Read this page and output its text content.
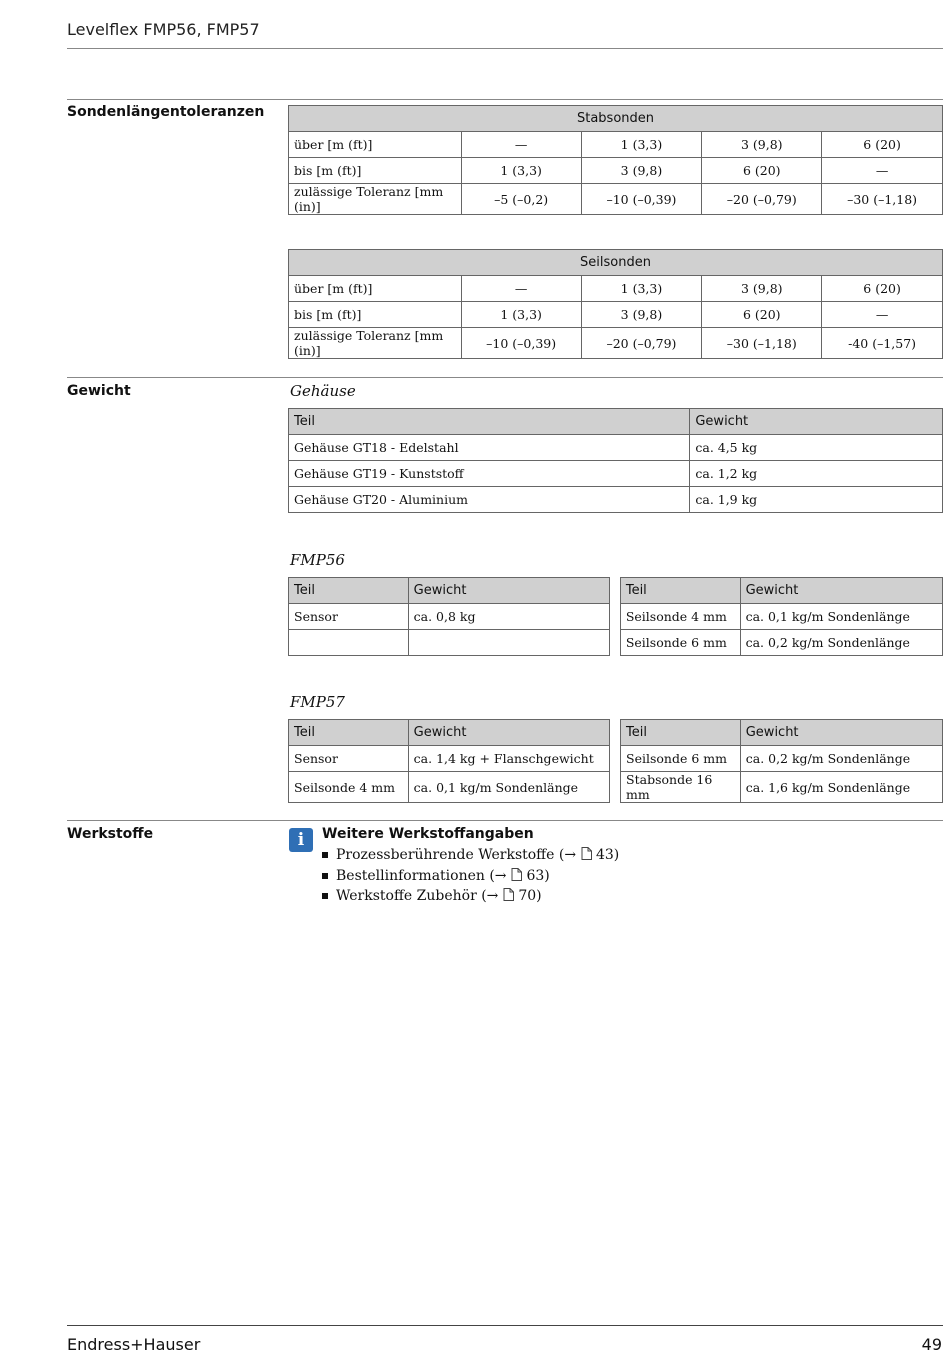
Levelflex FMP56, FMP57
Sondenlängentoleranzen	Stabsonden				
über [m (ft)]	—	1 (3,3)	3 (9,8)	6 (20)
bis [m (ft)]	1 (3,3)	3 (9,8)	6 (20)	—
zulässige Toleranz [mm (in)]	–5 (–0,2)	–10 (–0,39)	–20 (–0,79)	–30 (–1,18)
Seilsonden				
über [m (ft)]	—	1 (3,3)	3 (9,8)	6 (20)
bis [m (ft)]	1 (3,3)	3 (9,8)	6 (20)	—
zulässige Toleranz [mm (in)]	–10 (–0,39)	–20 (–0,79)	–30 (–1,18)	-40 (–1,57)
Gewicht	Gehäuse
Teil	Gewicht
Gehäuse GT18 - Edelstahl	ca. 4,5 kg
Gehäuse GT19 - Kunststoff	ca. 1,2 kg
Gehäuse GT20 - Aluminium	ca. 1,9 kg
FMP56
Teil	Gewicht		Teil	Gewicht
Sensor	ca. 0,8 kg		Seilsonde 4 mm	ca. 0,1 kg/m Sondenlänge
			Seilsonde 6 mm	ca. 0,2 kg/m Sondenlänge
FMP57
Teil	Gewicht		Teil	Gewicht
Sensor	ca. 1,4 kg + Flanschgewicht		Seilsonde 6 mm	ca. 0,2 kg/m Sondenlänge
Seilsonde 4 mm	ca. 0,1 kg/m Sondenlänge		Stabsonde 16 mm	ca. 1,6 kg/m Sondenlänge
Werkstoffe	i	Weitere Werkstoffangaben
Prozessberührende Werkstoffe (→ 43)
Bestellinformationen (→ 63)
Werkstoffe Zubehör (→ 70)
Endress+Hauser	49
